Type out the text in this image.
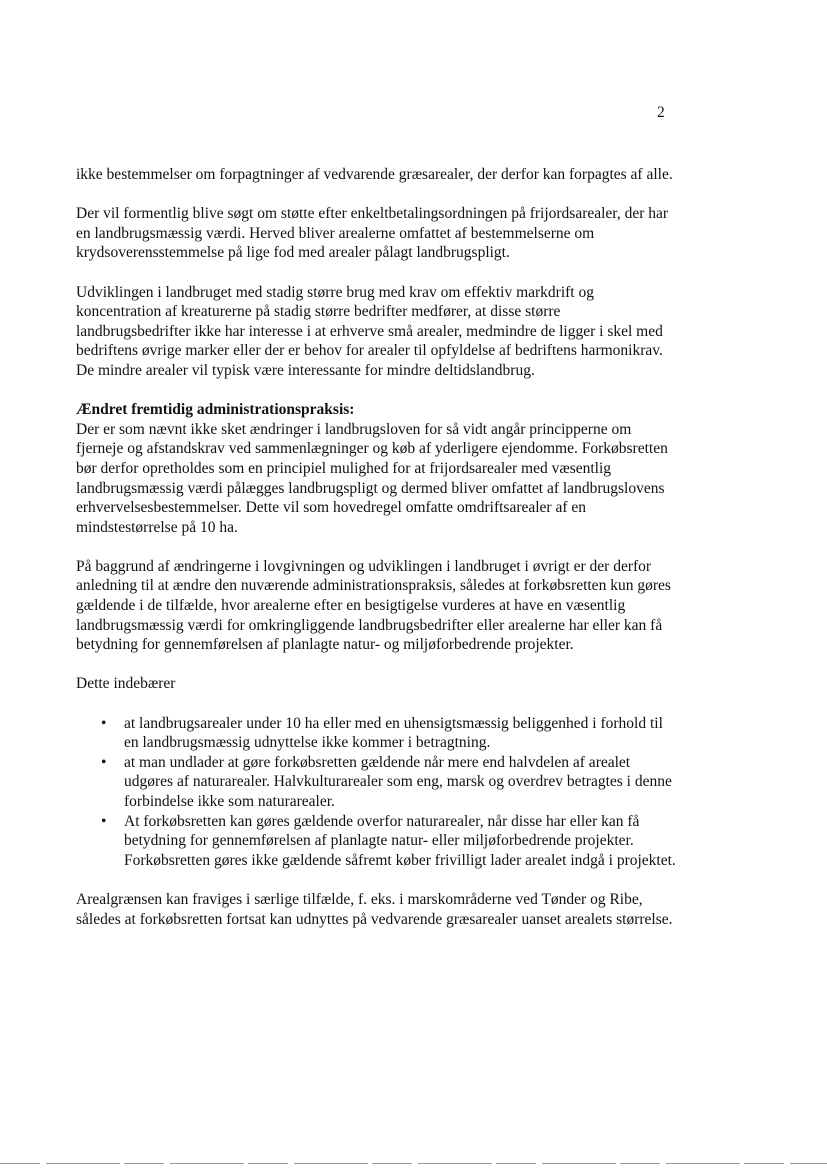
2

ikke bestemmelser om forpagtninger af vedvarende græsarealer, der derfor kan forpagtes af alle.

Der vil formentlig blive søgt om støtte efter enkeltbetalingsordningen på frijordsarealer, der har en landbrugsmæssig værdi. Herved bliver arealerne omfattet af bestemmelserne om krydsoverensstemmelse på lige fod med arealer pålagt landbrugspligt.

Udviklingen i landbruget med stadig større brug med krav om effektiv markdrift og koncentration af kreaturerne på stadig større bedrifter medfører, at disse større landbrugsbedrifter ikke har interesse i at erhverve små arealer, medmindre de ligger i skel med bedriftens øvrige marker eller der er behov for arealer til opfyldelse af bedriftens harmonikrav. De mindre arealer vil typisk være interessante for mindre deltidslandbrug.

Ændret fremtidig administrationspraksis:
Der er som nævnt ikke sket ændringer i landbrugsloven for så vidt angår principperne om fjerneje og afstandskrav ved sammenlægninger og køb af yderligere ejendomme. Forkøbsretten bør derfor opretholdes som en principiel mulighed for at frijordsarealer med væsentlig landbrugsmæssig værdi pålægges landbrugspligt og dermed bliver omfattet af landbrugslovens erhvervelsesbestemmelser. Dette vil som hovedregel omfatte omdriftsarealer af en mindstestørrelse på 10 ha.

På baggrund af ændringerne i lovgivningen og udviklingen i landbruget i øvrigt er der derfor anledning til at ændre den nuværende administrationspraksis, således at forkøbsretten kun gøres gældende i de tilfælde, hvor arealerne efter en besigtigelse vurderes at have en væsentlig landbrugsmæssig værdi for omkringliggende landbrugsbedrifter eller arealerne har eller kan få betydning for gennemførelsen af planlagte natur- og miljøforbedrende projekter.

Dette indebærer

• at landbrugsarealer under 10 ha eller med en uhensigtsmæssig beliggenhed i forhold til en landbrugsmæssig udnyttelse ikke kommer i betragtning.
• at man undlader at gøre forkøbsretten gældende når mere end halvdelen af arealet udgøres af naturarealer. Halvkulturarealer som eng, marsk og overdrev betragtes i denne forbindelse ikke som naturarealer.
• At forkøbsretten kan gøres gældende overfor naturarealer, når disse har eller kan få betydning for gennemførelsen af planlagte natur- eller miljøforbedrende projekter. Forkøbsretten gøres ikke gældende såfremt køber frivilligt lader arealet indgå i projektet.

Arealgrænsen kan fraviges i særlige tilfælde, f. eks. i marskområderne ved Tønder og Ribe, således at forkøbsretten fortsat kan udnyttes på vedvarende græsarealer uanset arealets størrelse.
